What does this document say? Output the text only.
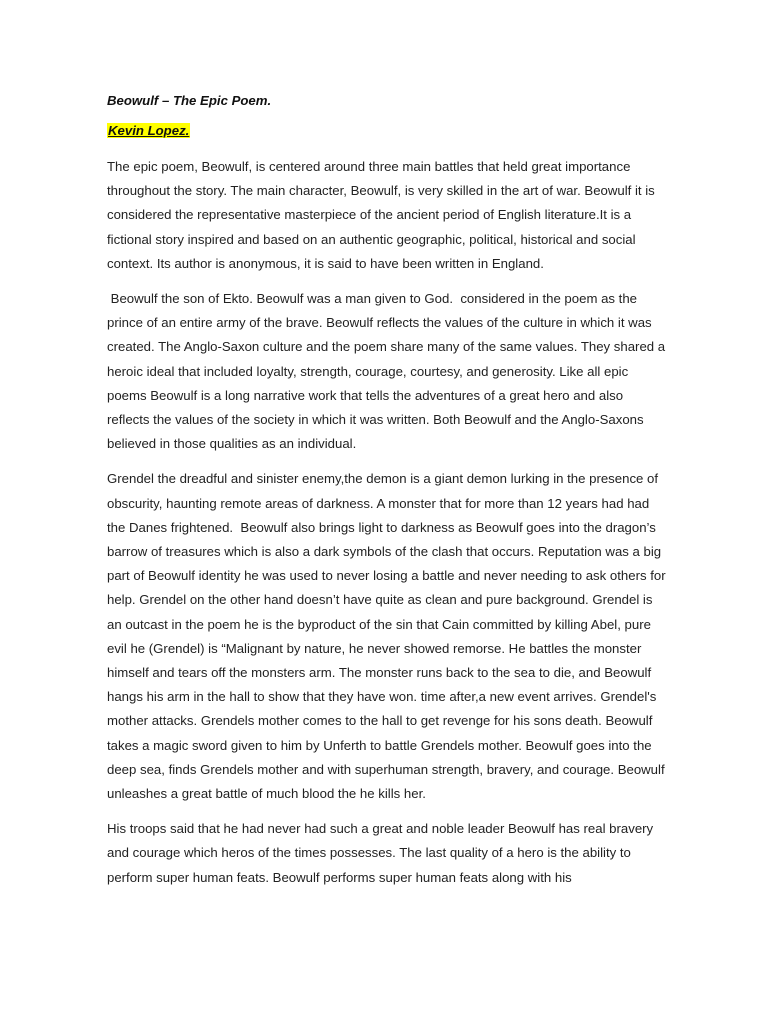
Beowulf – The Epic Poem.

Kevin Lopez.

The epic poem, Beowulf, is centered around three main battles that held great importance throughout the story. The main character, Beowulf, is very skilled in the art of war. Beowulf it is considered the representative masterpiece of the ancient period of English literature.It is a fictional story inspired and based on an authentic geographic, political, historical and social context. Its author is anonymous, it is said to have been written in England.

Beowulf the son of Ekto. Beowulf was a man given to God.  considered in the poem as the prince of an entire army of the brave. Beowulf reflects the values of the culture in which it was created. The Anglo-Saxon culture and the poem share many of the same values. They shared a heroic ideal that included loyalty, strength, courage, courtesy, and generosity. Like all epic poems Beowulf is a long narrative work that tells the adventures of a great hero and also reflects the values of the society in which it was written. Both Beowulf and the Anglo-Saxons believed in those qualities as an individual.

Grendel the dreadful and sinister enemy,the demon is a giant demon lurking in the presence of obscurity, haunting remote areas of darkness. A monster that for more than 12 years had had the Danes frightened.  Beowulf also brings light to darkness as Beowulf goes into the dragon’s barrow of treasures which is also a dark symbols of the clash that occurs. Reputation was a big part of Beowulf identity he was used to never losing a battle and never needing to ask others for help. Grendel on the other hand doesn’t have quite as clean and pure background. Grendel is an outcast in the poem he is the byproduct of the sin that Cain committed by killing Abel, pure evil he (Grendel) is “Malignant by nature, he never showed remorse. He battles the monster himself and tears off the monsters arm. The monster runs back to the sea to die, and Beowulf hangs his arm in the hall to show that they have won. time after,a new event arrives. Grendel's mother attacks. Grendels mother comes to the hall to get revenge for his sons death. Beowulf takes a magic sword given to him by Unferth to battle Grendels mother. Beowulf goes into the deep sea, finds Grendels mother and with superhuman strength, bravery, and courage. Beowulf unleashes a great battle of much blood the he kills her.

His troops said that he had never had such a great and noble leader Beowulf has real bravery and courage which heros of the times possesses. The last quality of a hero is the ability to perform super human feats. Beowulf performs super human feats along with his
